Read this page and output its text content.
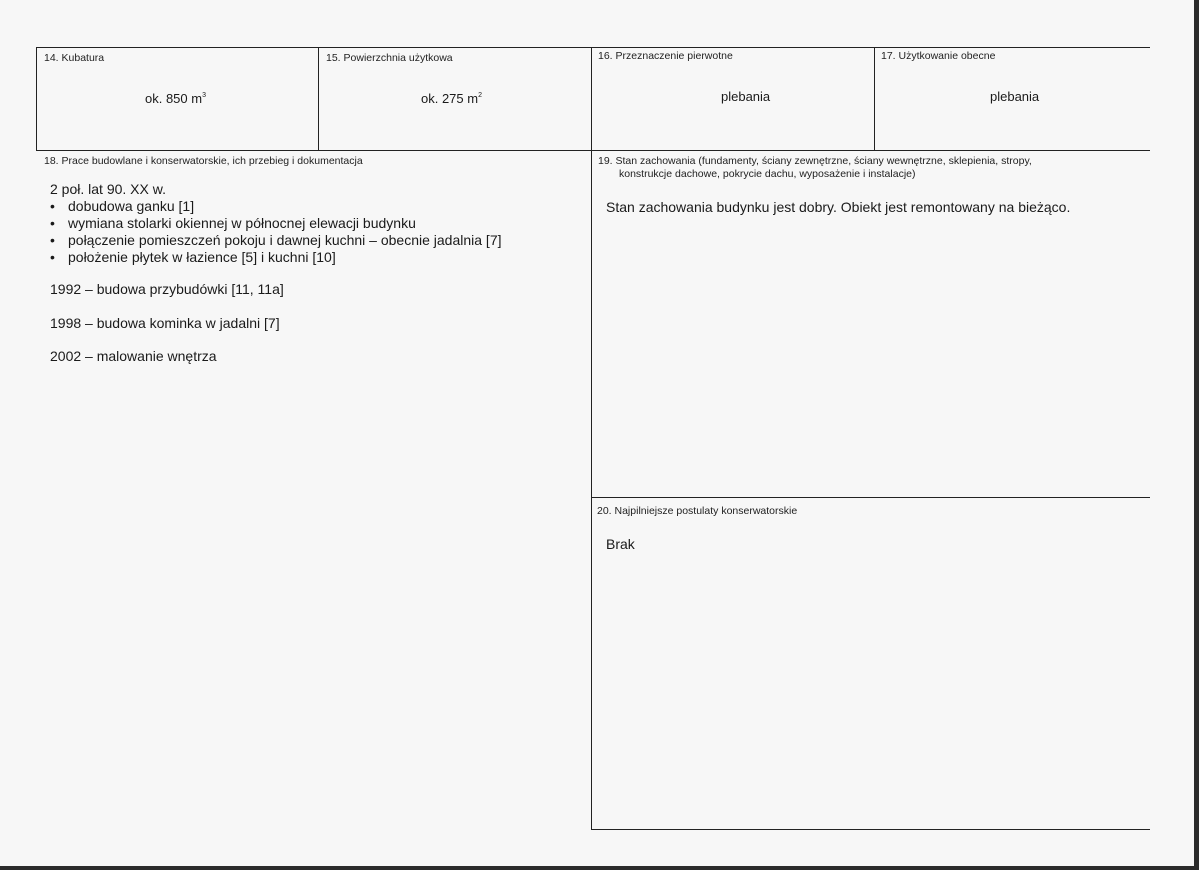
14. Kubatura
ok. 850 $m^3$
15. Powierzchnia użytkowa
ok. 275 $m^2$
16. Przeznaczenie pierwotne
plebania
17. Użytkowanie obecne
plebania
18. Prace budowlane i konserwatorskie, ich przebieg i dokumentacja
2 poł. lat 90. XX w.
• dobudowa ganku [1]
• wymiana stolarki okiennej w północnej elewacji budynku
• połączenie pomieszczeń pokoju i dawnej kuchni – obecnie jadalnia [7]
• położenie płytek w łazience [5] i kuchni [10]
1992 – budowa przybudówki [11, 11a]
1998 – budowa kominka w jadalni [7]
2002 – malowanie wnętrza
19. Stan zachowania (fundamenty, ściany zewnętrzne, ściany wewnętrzne, sklepienia, stropy,
konstrukcje dachowe, pokrycie dachu, wyposażenie i instalacje)
Stan zachowania budynku jest dobry. Obiekt jest remontowany na bieżąco.
20. Najpilniejsze postulaty konserwatorskie
Brak
